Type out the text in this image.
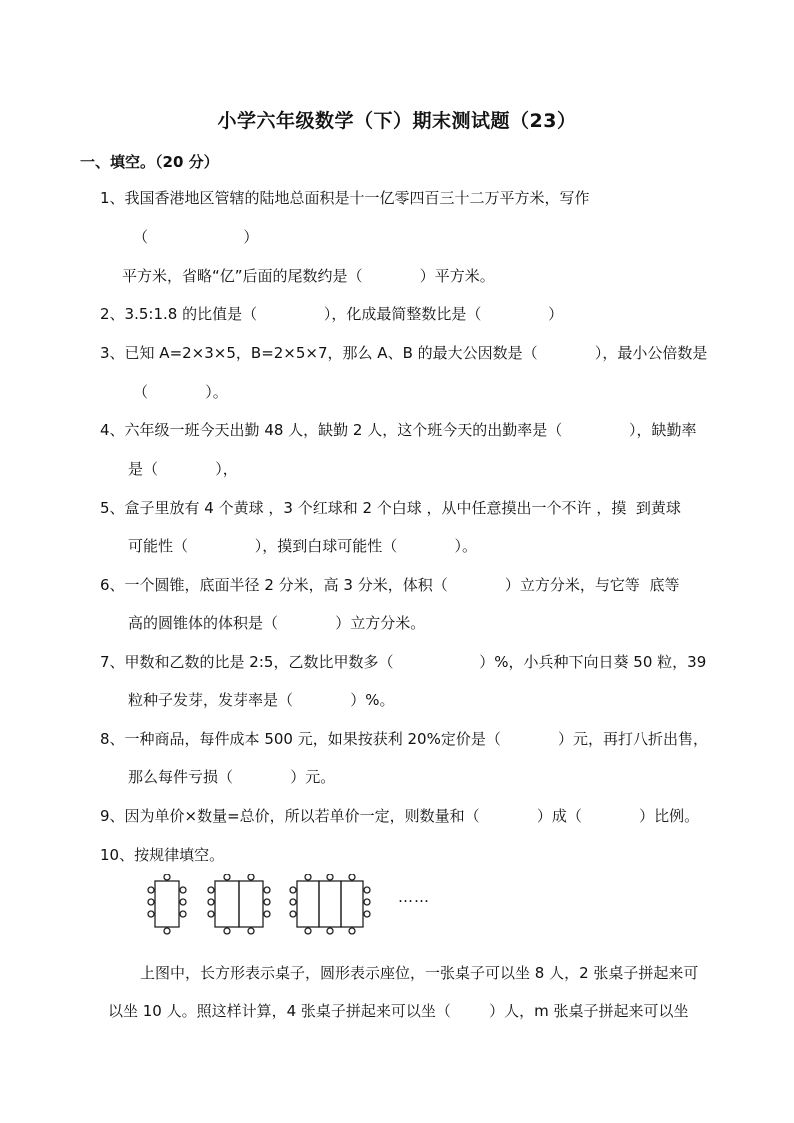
小学六年级数学（下）期末测试题（23）
一、填空。（20 分）
1、我国香港地区管辖的陆地总面积是十一亿零四百三十二万平方米，写作
（                    ）
平方米，省略“亿”后面的尾数约是（            ）平方米。
2、3.5:1.8 的比值是（              ），化成最简整数比是（              ）
3、已知 A=2×3×5，B=2×5×7，那么 A、B 的最大公因数是（            ），最小公倍数是
（            ）。
4、六年级一班今天出勤 48 人，缺勤 2 人，这个班今天的出勤率是（              ），缺勤率
是（            ），
5、盒子里放有 4 个黄球 ，3 个红球和 2 个白球 ，从中任意摸出一个不许 ，摸  到黄球
可能性（              ），摸到白球可能性（            ）。
6、一个圆锥，底面半径 2 分米，高 3 分米，体积（            ）立方分米，与它等  底等
高的圆锥体的体积是（            ）立方分米。
7、甲数和乙数的比是 2:5，乙数比甲数多（                  ）%，小兵种下向日葵 50 粒，39
粒种子发芽，发芽率是（            ）%。
8、一种商品，每件成本 500 元，如果按获利 20%定价是（            ）元，再打八折出售，
那么每件亏损（            ）元。
9、因为单价×数量=总价，所以若单价一定，则数量和（            ）成（            ）比例。
10、按规律填空。
……
上图中，长方形表示桌子，圆形表示座位，一张桌子可以坐 8 人，2 张桌子拼起来可
以坐 10 人。照这样计算，4 张桌子拼起来可以坐（        ）人，m 张桌子拼起来可以坐
